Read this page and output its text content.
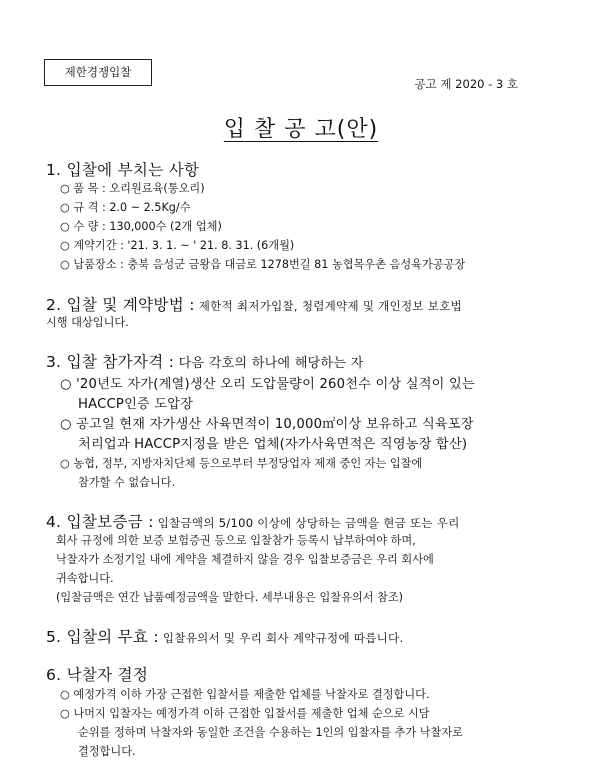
제한경쟁입찰
공고 제 2020 - 3 호
입 찰 공 고(안)
1. 입찰에 부치는 사항
○ 품 목 : 오리원료육(통오리)
○ 규 격 : 2.0 ~ 2.5Kg/수
○ 수 량 : 130,000수 (2개 업체)
○ 계약기간 : '21. 3. 1. ~ ' 21. 8. 31. (6개월)
○ 납품장소 : 충북 음성군 금왕읍 대금로 1278번길 81 농협목우촌 음성육가공공장
2. 입찰 및 계약방법 : 제한적 최저가입찰, 청렴계약제 및 개인정보 보호법
시행 대상입니다.
3. 입찰 참가자격 : 다음 각호의 하나에 해당하는 자
○ '20년도 자가(계열)생산 오리 도압물량이 260천수 이상 실적이 있는
HACCP인증 도압장
○ 공고일 현재 자가생산 사육면적이 10,000㎡이상 보유하고 식육포장
처리업과 HACCP지정을 받은 업체(자가사육면적은 직영농장 합산)
○ 농협, 정부, 지방자치단체 등으로부터 부정당업자 제재 중인 자는 입찰에
참가할 수 없습니다.
4. 입찰보증금 : 입찰금액의 5/100 이상에 상당하는 금액을 현금 또는 우리
회사 규정에 의한 보증 보험증권 등으로 입찰참가 등록시 납부하여야 하며,
낙찰자가 소정기일 내에 계약을 체결하지 않을 경우 입찰보증금은 우리 회사에
귀속합니다.
(입찰금액은 연간 납품예정금액을 말한다. 세부내용은 입찰유의서 참조)
5. 입찰의 무효 : 입찰유의서 및 우리 회사 계약규정에 따릅니다.
6. 낙찰자 결정
○ 예정가격 이하 가장 근접한 입찰서를 제출한 업체를 낙찰자로 결정합니다.
○ 나머지 입찰자는 예정가격 이하 근접한 입찰서를 제출한 업체 순으로 시담
순위를 정하며 낙찰자와 동일한 조건을 수용하는 1인의 입찰자를 추가 낙찰자로
결정합니다.
